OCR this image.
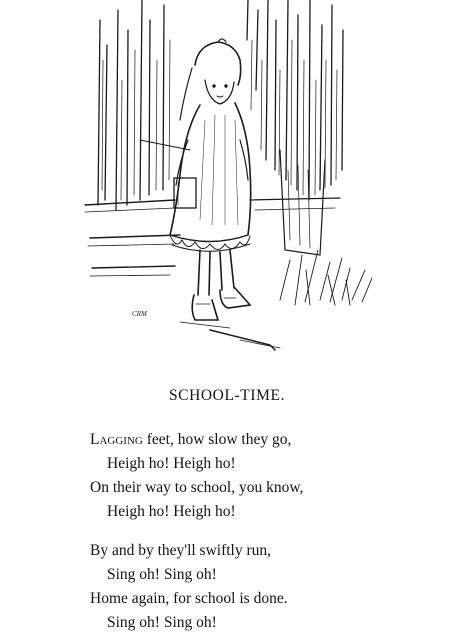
CRM
SCHOOL-TIME.
Lagging feet, how slow they go,
Heigh ho! Heigh ho!
On their way to school, you know,
Heigh ho! Heigh ho!
By and by they'll swiftly run,
Sing oh! Sing oh!
Home again, for school is done.
Sing oh! Sing oh!
